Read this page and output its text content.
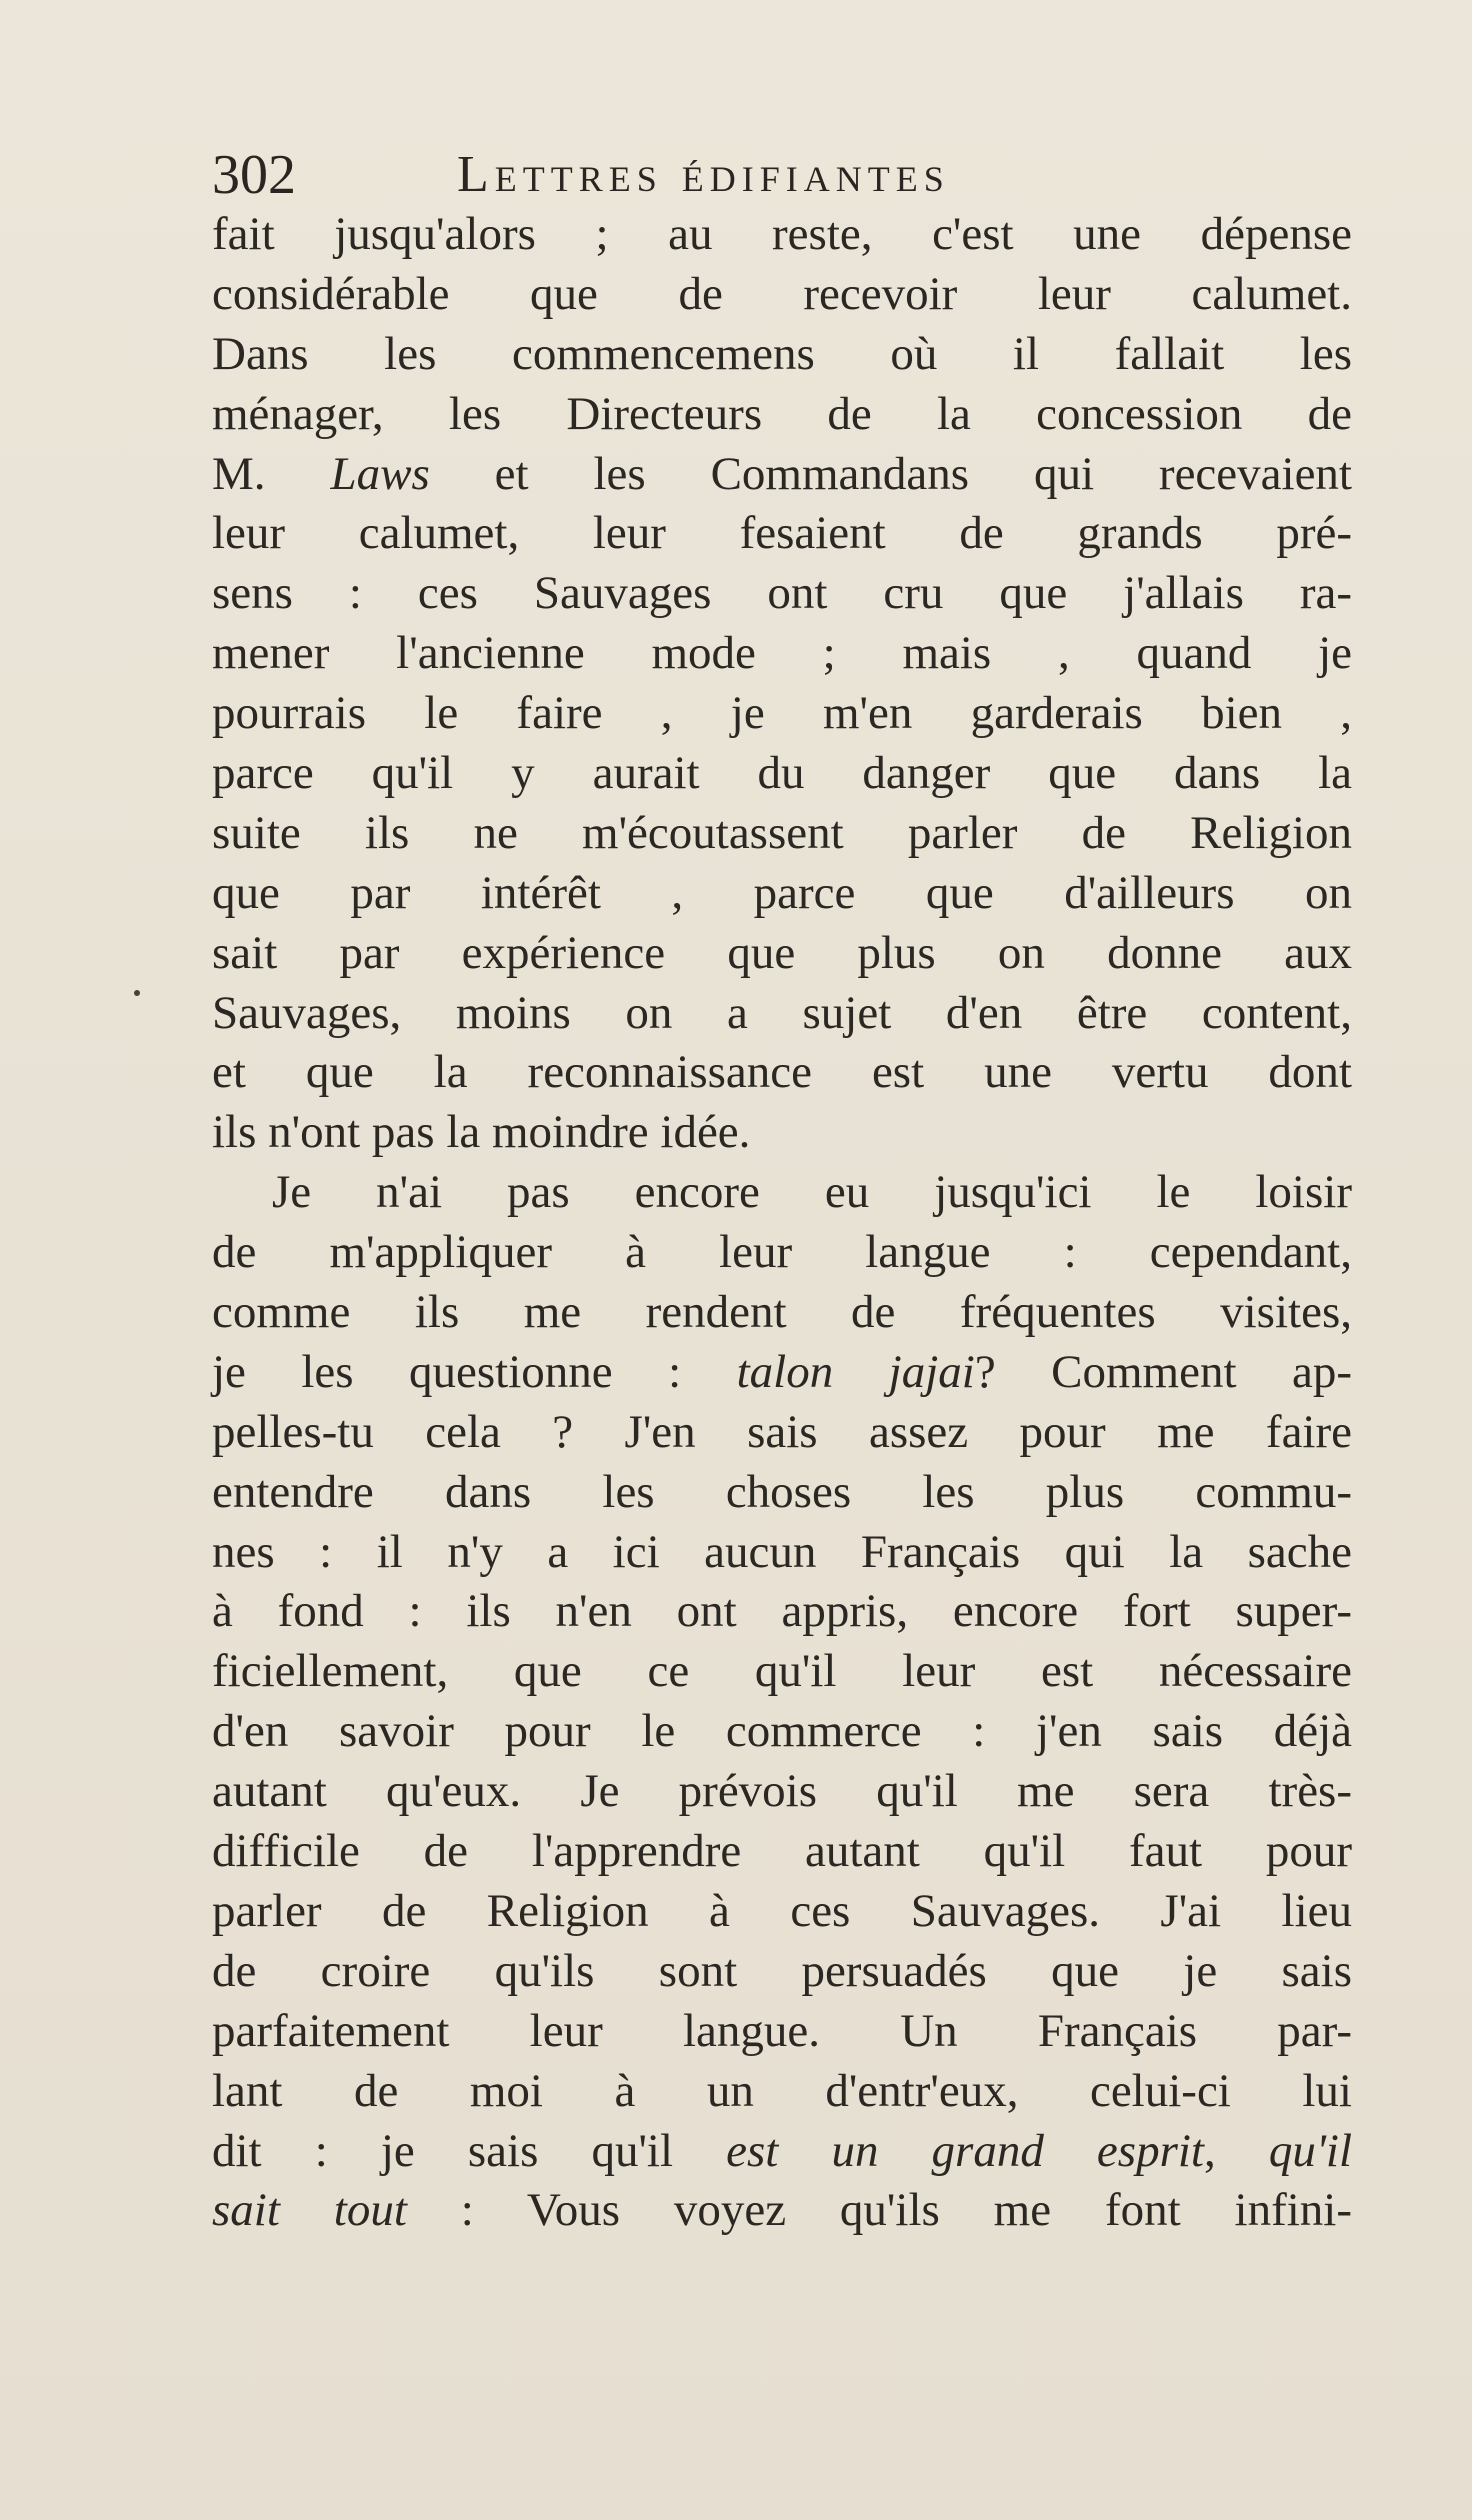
302	Lettres édifiantes
fait jusqu'alors ; au reste, c'est une dépense
considérable que de recevoir leur calumet.
Dans les commencemens où il fallait les
ménager, les Directeurs de la concession de
M. Laws et les Commandans qui recevaient
leur calumet, leur fesaient de grands pré-
sens : ces Sauvages ont cru que j'allais ra-
mener l'ancienne mode ; mais , quand je
pourrais le faire , je m'en garderais bien ,
parce qu'il y aurait du danger que dans la
suite ils ne m'écoutassent parler de Religion
que par intérêt , parce que d'ailleurs on
sait par expérience que plus on donne aux
Sauvages, moins on a sujet d'en être content,
et que la reconnaissance est une vertu dont
ils n'ont pas la moindre idée.
Je n'ai pas encore eu jusqu'ici le loisir
de m'appliquer à leur langue : cependant,
comme ils me rendent de fréquentes visites,
je les questionne : talon jajai? Comment ap-
pelles-tu cela ? J'en sais assez pour me faire
entendre dans les choses les plus commu-
nes : il n'y a ici aucun Français qui la sache
à fond : ils n'en ont appris, encore fort super-
ficiellement, que ce qu'il leur est nécessaire
d'en savoir pour le commerce : j'en sais déjà
autant qu'eux. Je prévois qu'il me sera très-
difficile de l'apprendre autant qu'il faut pour
parler de Religion à ces Sauvages. J'ai lieu
de croire qu'ils sont persuadés que je sais
parfaitement leur langue. Un Français par-
lant de moi à un d'entr'eux, celui-ci lui
dit : je sais qu'il est un grand esprit, qu'il
sait tout : Vous voyez qu'ils me font infini-
